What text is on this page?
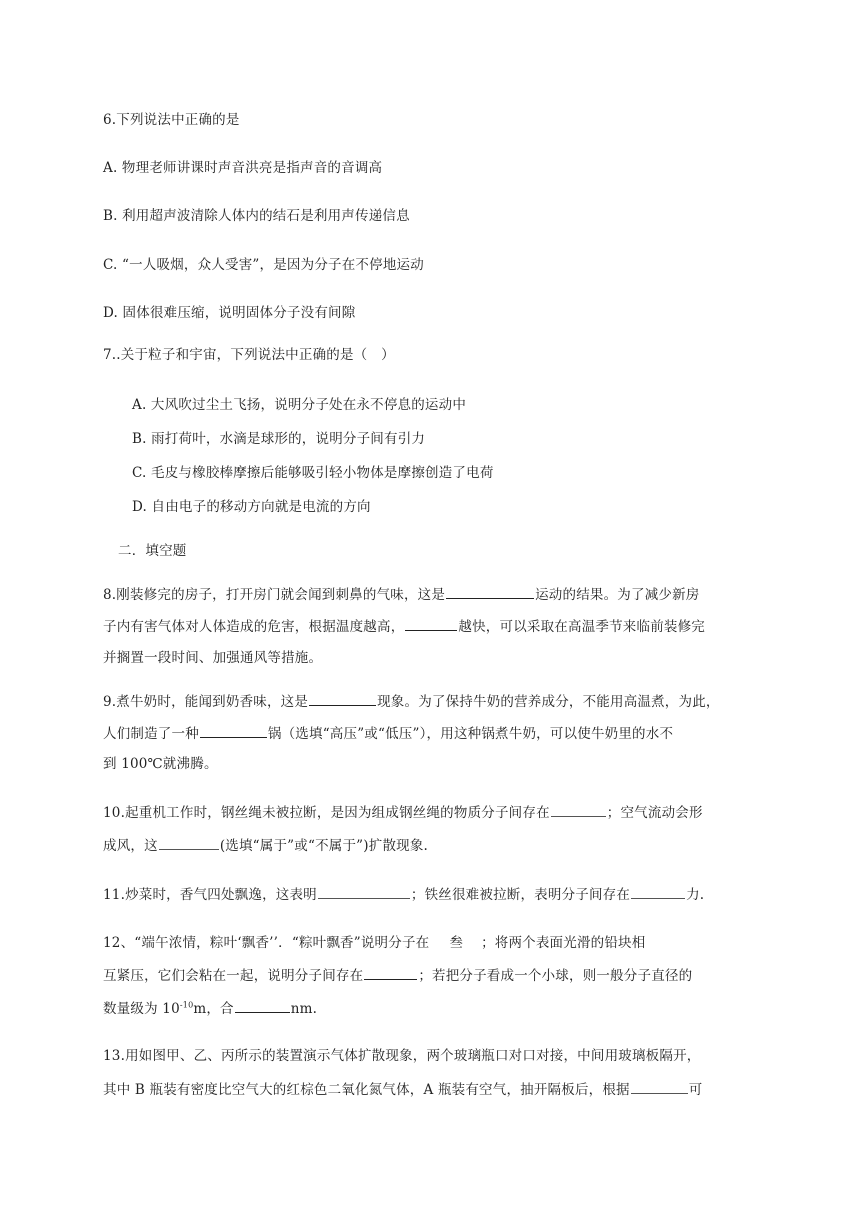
6.下列说法中正确的是
A. 物理老师讲课时声音洪亮是指声音的音调高
B. 利用超声波清除人体内的结石是利用声传递信息
C. “一人吸烟，众人受害”，是因为分子在不停地运动
D. 固体很难压缩，说明固体分子没有间隙
7..关于粒子和宇宙，下列说法中正确的是（　）
A. 大风吹过尘土飞扬，说明分子处在永不停息的运动中
B. 雨打荷叶，水滴是球形的，说明分子间有引力
C. 毛皮与橡胶棒摩擦后能够吸引轻小物体是摩擦创造了电荷
D. 自由电子的移动方向就是电流的方向
二．填空题
8.刚装修完的房子，打开房门就会闻到刺鼻的气味，这是	运动的结果。为了减少新房
子内有害气体对人体造成的危害，根据温度越高，	越快，可以采取在高温季节来临前装修完
并搁置一段时间、加强通风等措施。
9.煮牛奶时，能闻到奶香味，这是	现象。为了保持牛奶的营养成分，不能用高温煮，为此，
人们制造了一种	锅（选填“高压”或“低压”），用这种锅煮牛奶，可以使牛奶里的水不
到 100℃就沸腾。
10.起重机工作时，钢丝绳未被拉断，是因为组成钢丝绳的物质分子间存在	；空气流动会形
成风，这	(选填“属于”或“不属于”)扩散现象.
11.炒菜时，香气四处飘逸，这表明	；铁丝很难被拉断，表明分子间存在	力.
12、“端午浓情，粽叶‘飘香’’．“粽叶飘香”说明分子在 叁 ；将两个表面光滑的铅块相
互紧压，它们会粘在一起，说明分子间存在	；若把分子看成一个小球，则一般分子直径的
数量级为 $10^{-10}m$，合	nm.
13.用如图甲、乙、丙所示的装置演示气体扩散现象，两个玻璃瓶口对口对接，中间用玻璃板隔开，
其中 B 瓶装有密度比空气大的红棕色二氧化氮气体，A 瓶装有空气，抽开隔板后，根据	可
